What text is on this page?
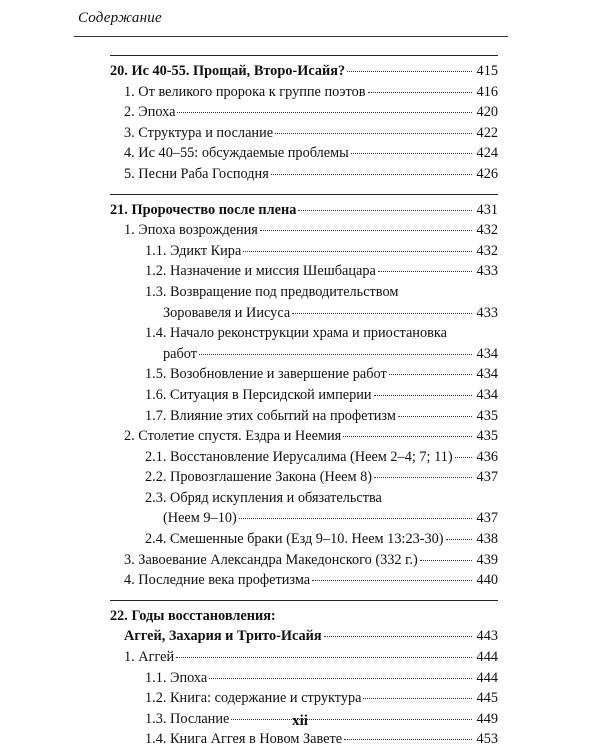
Содержание
20. Ис 40-55. Прощай, Второ-Исайя?	415
1. От великого пророка к группе поэтов	416
2. Эпоха	420
3. Структура и послание	422
4. Ис 40–55: обсуждаемые проблемы	424
5. Песни Раба Господня	426
21. Пророчество после плена	431
1. Эпоха возрождения	432
1.1. Эдикт Кира	432
1.2. Назначение и миссия Шешбацара	433
1.3. Возвращение под предводительством
Зоровавеля и Иисуса	433
1.4. Начало реконструкции храма и приостановка
работ	434
1.5. Возобновление и завершение работ	434
1.6. Ситуация в Персидской империи	434
1.7. Влияние этих событий на профетизм	435
2. Столетие спустя. Ездра и Неемия	435
2.1. Восстановление Иерусалима (Неем 2–4; 7; 11) 436
2.2. Провозглашение Закона (Неем 8)	437
2.3. Обряд искупления и обязательства
(Неем 9–10)	437
2.4. Смешенные браки (Езд 9–10. Неем 13:23-30) 438
3. Завоевание Александра Македонского (332 г.)	439
4. Последние века профетизма	440
22. Годы восстановления:
Аггей, Захария и Трито-Исайя	443
1. Аггей	444
1.1. Эпоха	444
1.2. Книга: содержание и структура	445
1.3. Послание	449
1.4. Книга Аггея в Новом Завете	453
xii
